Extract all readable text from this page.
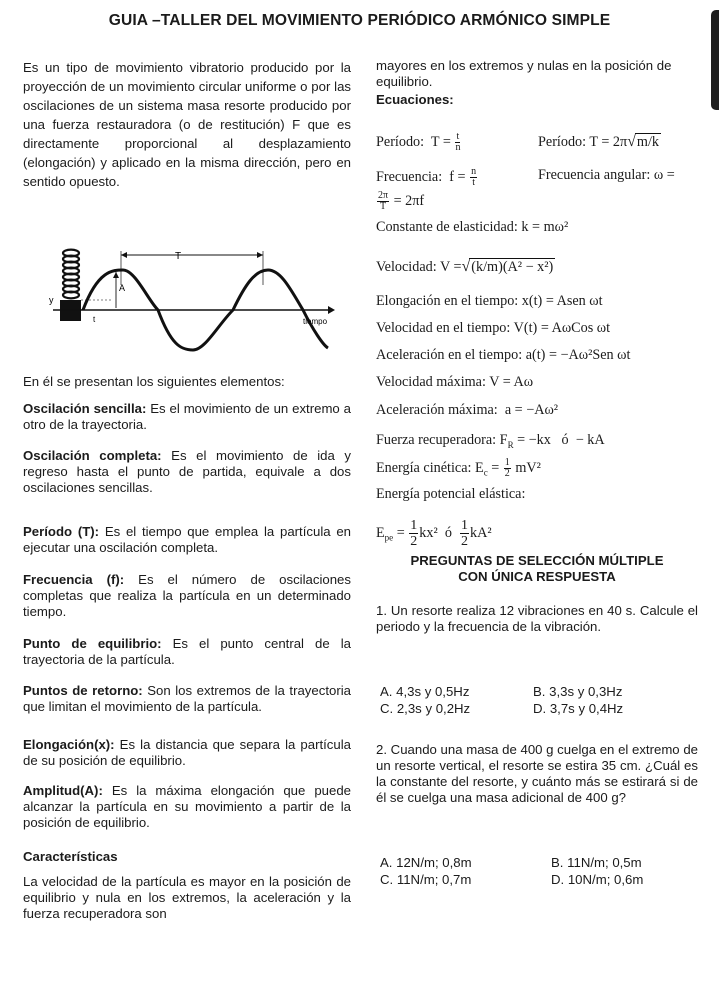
GUIA –TALLER DEL MOVIMIENTO PERIÓDICO ARMÓNICO SIMPLE

Es un tipo de movimiento vibratorio producido por la proyección de un movimiento circular uniforme o por las oscilaciones de un sistema masa resorte producido por una fuerza restauradora (o de restitución) F que es directamente proporcional al desplazamiento (elongación) y aplicado en la misma dirección, pero en sentido opuesto.

T
A
y
t	tiempo

En él se presentan los siguientes elementos:

Oscilación sencilla: Es el movimiento de un extremo a otro de la trayectoria.

Oscilación completa: Es el movimiento de ida y regreso hasta el punto de partida, equivale a dos oscilaciones sencillas.

Período (T): Es el tiempo que emplea la partícula en ejecutar una oscilación completa.

Frecuencia (f): Es el número de oscilaciones completas que realiza la partícula en un determinado tiempo.

Punto de equilibrio: Es el punto central de la trayectoria de la partícula.

Puntos de retorno: Son los extremos de la trayectoria que limitan el movimiento de la partícula.

Elongación(x): Es la distancia que separa la partícula de su posición de equilibrio.

Amplitud(A): Es la máxima elongación que puede alcanzar la partícula en su movimiento a partir de la posición de equilibrio.

Características

La velocidad de la partícula es mayor en la posición de equilibrio y nula en los extremos, la aceleración y la fuerza recuperadora son

mayores en los extremos y nulas en la posición de equilibrio.

Ecuaciones:

Período: $T = \frac{t}{n}$	Período: T = 2π√m/k
Frecuencia: $f = \frac{n}{t}$	Frecuencia angular: ω =
$\frac{2\pi}{T} = 2\pi f$
Constante de elasticidad: k = mω²
Velocidad: V =√(k/m)(A² − x²)
Elongación en el tiempo: x(t) = Asen ωt
Velocidad en el tiempo: V(t) = AωCos ωt
Aceleración en el tiempo: a(t) = −Aω²Sen ωt
Velocidad máxima: V = Aω
Aceleración máxima: a = −Aω²
Fuerza recuperadora: $F_R = -kx$   ó  − kA
Energía cinética: $E_c = \frac{1}{2} mV^2$
Energía potencial elástica:
$E_{pe} = \frac{1}{2} kx^2$ ó $\frac{1}{2} kA^2$

PREGUNTAS DE SELECCIÓN MÚLTIPLE CON ÚNICA RESPUESTA

1. Un resorte realiza 12 vibraciones en 40 s. Calcule el periodo y la frecuencia de la vibración.

A. 4,3s y 0,5Hz	B. 3,3s y 0,3Hz
C. 2,3s y 0,2Hz	D. 3,7s y 0,4Hz

2. Cuando una masa de 400 g cuelga en el extremo de un resorte vertical, el resorte se estira 35 cm. ¿Cuál es la constante del resorte, y cuánto más se estirará si de él se cuelga una masa adicional de 400 g?

A. 12N/m; 0,8m	B. 11N/m; 0,5m
C. 11N/m; 0,7m	D. 10N/m; 0,6m
